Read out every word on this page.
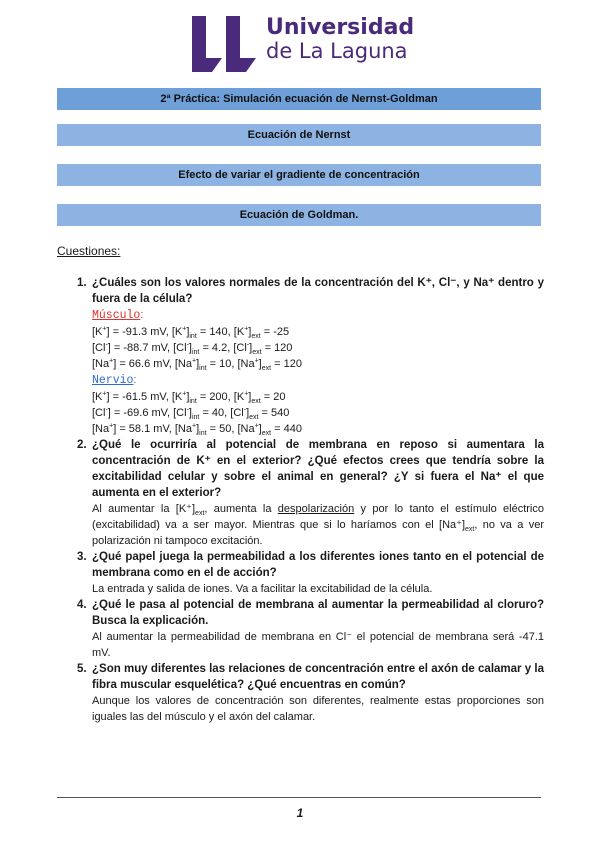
Universidad
de La Laguna
2ª Práctica: Simulación ecuación de Nernst-Goldman
Ecuación de Nernst
Efecto de variar el gradiente de concentración
Ecuación de Goldman.
Cuestiones:
1. ¿Cuáles son los valores normales de la concentración del K⁺, Cl⁻, y Na⁺ dentro y fuera de la célula?
Músculo:
[K+] = -91.3 mV, $[K^+]_{int} = 140$, $[K^+]_{ext} = -25$
[Cl-] = -88.7 mV, $[Cl^-]_{int} = 4.2$, $[Cl^-]_{ext} = 120$
[Na+] = 66.6 mV, $[Na^+]_{int} = 10$, $[Na^+]_{ext} = 120$
Nervio:
[K+] = -61.5 mV, $[K^+]_{int} = 200$, $[K^+]_{ext} = 20$
[Cl-] = -69.6 mV, $[Cl^-]_{int} = 40$, $[Cl^-]_{ext} = 540$
[Na+] = 58.1 mV, $[Na^+]_{int} = 50$, $[Na^+]_{ext} = 440$
2. ¿Qué le ocurriría al potencial de membrana en reposo si aumentara la concentración de K⁺ en el exterior? ¿Qué efectos crees que tendría sobre la excitabilidad celular y sobre el animal en general? ¿Y si fuera el Na⁺ el que aumenta en el exterior?
Al aumentar la $[K^+]_{ext}$, aumenta la despolarización y por lo tanto el estímulo eléctrico (excitabilidad) va a ser mayor. Mientras que si lo haríamos con el $[Na^+]_{ext}$, no va a ver polarización ni tampoco excitación.
3. ¿Qué papel juega la permeabilidad a los diferentes iones tanto en el potencial de membrana como en el de acción?
La entrada y salida de iones. Va a facilitar la excitabilidad de la célula.
4. ¿Qué le pasa al potencial de membrana al aumentar la permeabilidad al cloruro? Busca la explicación.
Al aumentar la permeabilidad de membrana en Cl⁻ el potencial de membrana será -47.1 mV.
5. ¿Son muy diferentes las relaciones de concentración entre el axón de calamar y la fibra muscular esquelética? ¿Qué encuentras en común?
Aunque los valores de concentración son diferentes, realmente estas proporciones son iguales las del músculo y el axón del calamar.
1
